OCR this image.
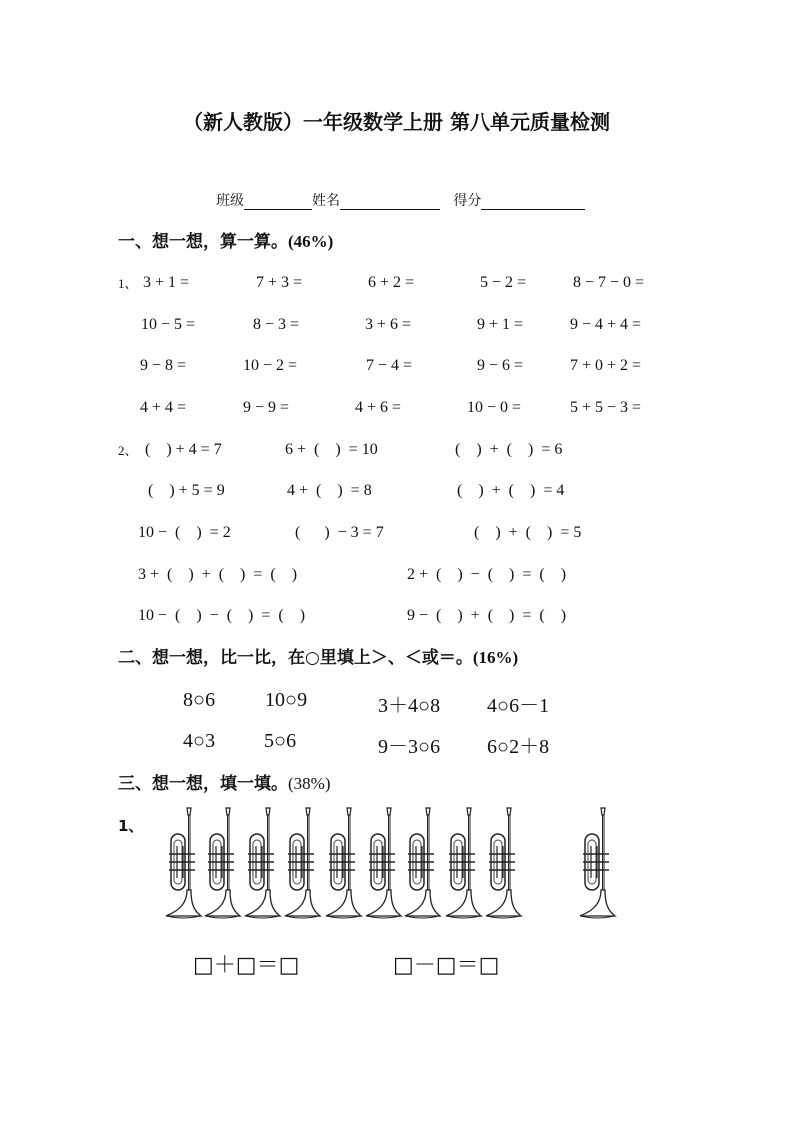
（新人教版）一年级数学上册 第八单元质量检测
班级	姓名	得分
一、想一想，算一算。(46%)
1、 3 + 1 =	7 + 3 =	6 + 2 =	5 − 2 =	8 − 7 − 0 =
10 − 5 =	8 − 3 =	3 + 6 =	9 + 1 =	9 − 4 + 4 =
9 − 8 =	10 − 2 =	7 − 4 =	9 − 6 =	7 + 0 + 2 =
4 + 4 =	9 − 9 =	4 + 6 =	10 − 0 =	5 + 5 − 3 =
2、 (    ) + 4 = 7	6 +  (    )  = 10	(    )  +  (    )  = 6
(    ) + 5 = 9	4 +  (    )  = 8	(    )  +  (    )  = 4
10 −  (    )  = 2	(      )  − 3 = 7	(    )  +  (    )  = 5
3 +  (    )  +  (    )  =  (    )	2 +  (    )  −  (    )  =  (    )
10 −  (    )  −  (    )  =  (    )	9 −  (    )  +  (    )  =  (    )
二、想一想，比一比，在○里填上＞、＜或＝。(16%)
8○6 10○9	3＋4○8 4○6－1
4○3 5○6	9－3○6 6○2＋8
三、想一想，填一填。(38%)
1、
□＋□＝□	□－□＝□
